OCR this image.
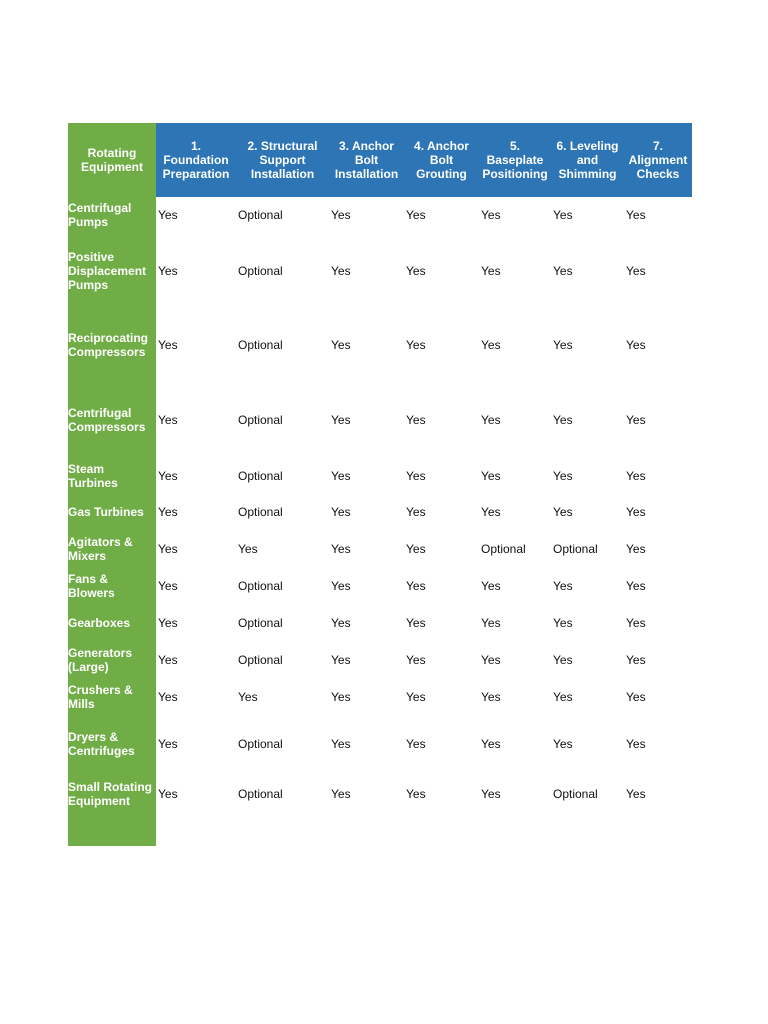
Rotating Equipment	1. Foundation Preparation	2. Structural Support Installation	3. Anchor Bolt Installation	4. Anchor Bolt Grouting	5. Baseplate Positioning	6. Leveling and Shimming	7. Alignment Checks
Centrifugal Pumps	Yes	Optional	Yes	Yes	Yes	Yes	Yes
Positive Displacement Pumps	Yes	Optional	Yes	Yes	Yes	Yes	Yes
Reciprocating Compressors	Yes	Optional	Yes	Yes	Yes	Yes	Yes
Centrifugal Compressors	Yes	Optional	Yes	Yes	Yes	Yes	Yes
Steam Turbines	Yes	Optional	Yes	Yes	Yes	Yes	Yes
Gas Turbines	Yes	Optional	Yes	Yes	Yes	Yes	Yes
Agitators & Mixers	Yes	Yes	Yes	Yes	Optional	Optional	Yes
Fans & Blowers	Yes	Optional	Yes	Yes	Yes	Yes	Yes
Gearboxes	Yes	Optional	Yes	Yes	Yes	Yes	Yes
Generators (Large)	Yes	Optional	Yes	Yes	Yes	Yes	Yes
Crushers & Mills	Yes	Yes	Yes	Yes	Yes	Yes	Yes
Dryers & Centrifuges	Yes	Optional	Yes	Yes	Yes	Yes	Yes
Small Rotating Equipment	Yes	Optional	Yes	Yes	Yes	Optional	Yes
